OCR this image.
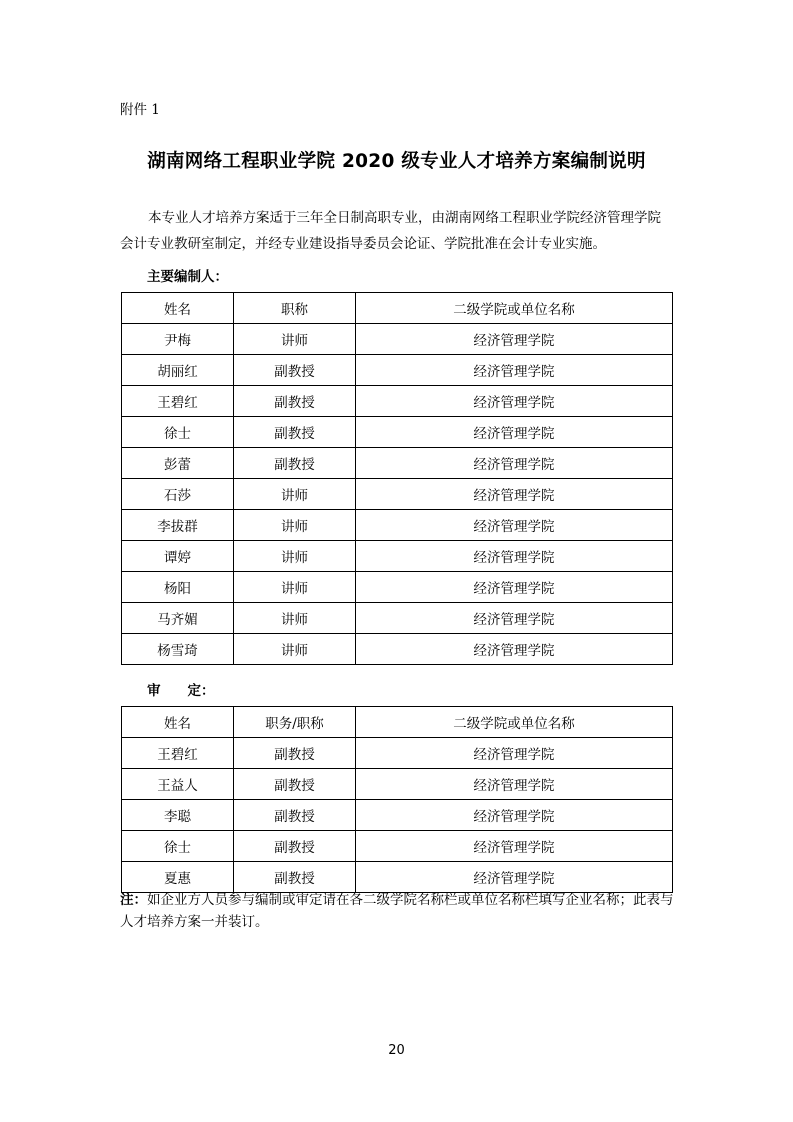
附件 1
湖南网络工程职业学院 2020 级专业人才培养方案编制说明

本专业人才培养方案适于三年全日制高职专业，由湖南网络工程职业学院经济管理学院会计专业教研室制定，并经专业建设指导委员会论证、学院批准在会计专业实施。

主要编制人：
姓名	职称	二级学院或单位名称
尹梅	讲师	经济管理学院
胡丽红	副教授	经济管理学院
王碧红	副教授	经济管理学院
徐士	副教授	经济管理学院
彭蕾	副教授	经济管理学院
石莎	讲师	经济管理学院
李拔群	讲师	经济管理学院
谭婷	讲师	经济管理学院
杨阳	讲师	经济管理学院
马齐媚	讲师	经济管理学院
杨雪琦	讲师	经济管理学院
审　　定：
姓名	职务/职称	二级学院或单位名称
王碧红	副教授	经济管理学院
王益人	副教授	经济管理学院
李聪	副教授	经济管理学院
徐士	副教授	经济管理学院
夏惠	副教授	经济管理学院
注：如企业方人员参与编制或审定请在各二级学院名称栏或单位名称栏填写企业名称；此表与人才培养方案一并装订。
20
